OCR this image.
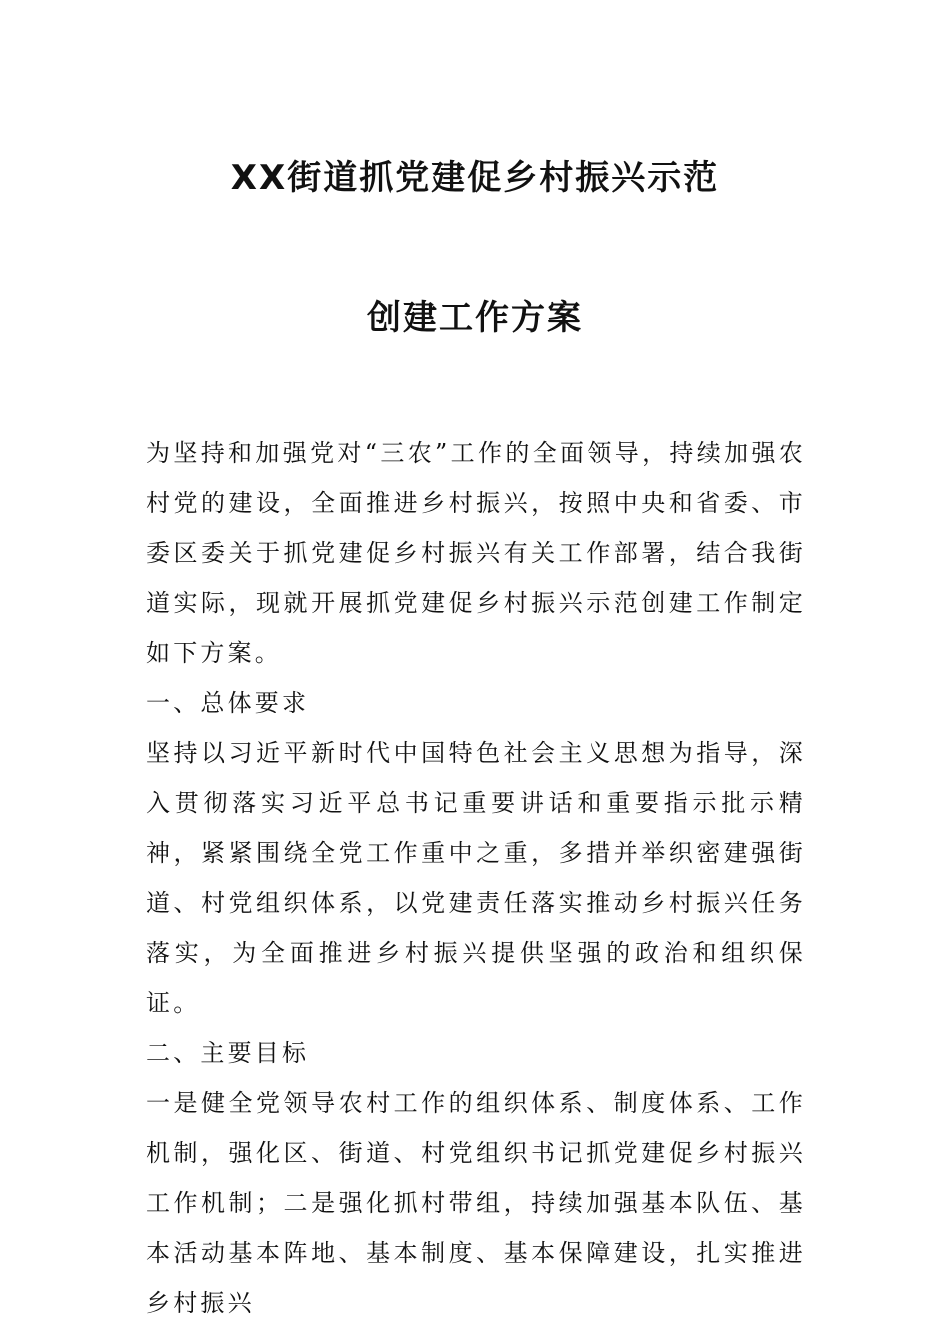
XX街道抓党建促乡村振兴示范
创建工作方案

为坚持和加强党对“三农”工作的全面领导，持续加强农村党的建设，全面推进乡村振兴，按照中央和省委、市委区委关于抓党建促乡村振兴有关工作部署，结合我街道实际，现就开展抓党建促乡村振兴示范创建工作制定如下方案。

一、总体要求

坚持以习近平新时代中国特色社会主义思想为指导，深入贯彻落实习近平总书记重要讲话和重要指示批示精神，紧紧围绕全党工作重中之重，多措并举织密建强街道、村党组织体系，以党建责任落实推动乡村振兴任务落实，为全面推进乡村振兴提供坚强的政治和组织保证。

二、主要目标

一是健全党领导农村工作的组织体系、制度体系、工作机制，强化区、街道、村党组织书记抓党建促乡村振兴工作机制；二是强化抓村带组，持续加强基本队伍、基本活动基本阵地、基本制度、基本保障建设，扎实推进乡村振兴
